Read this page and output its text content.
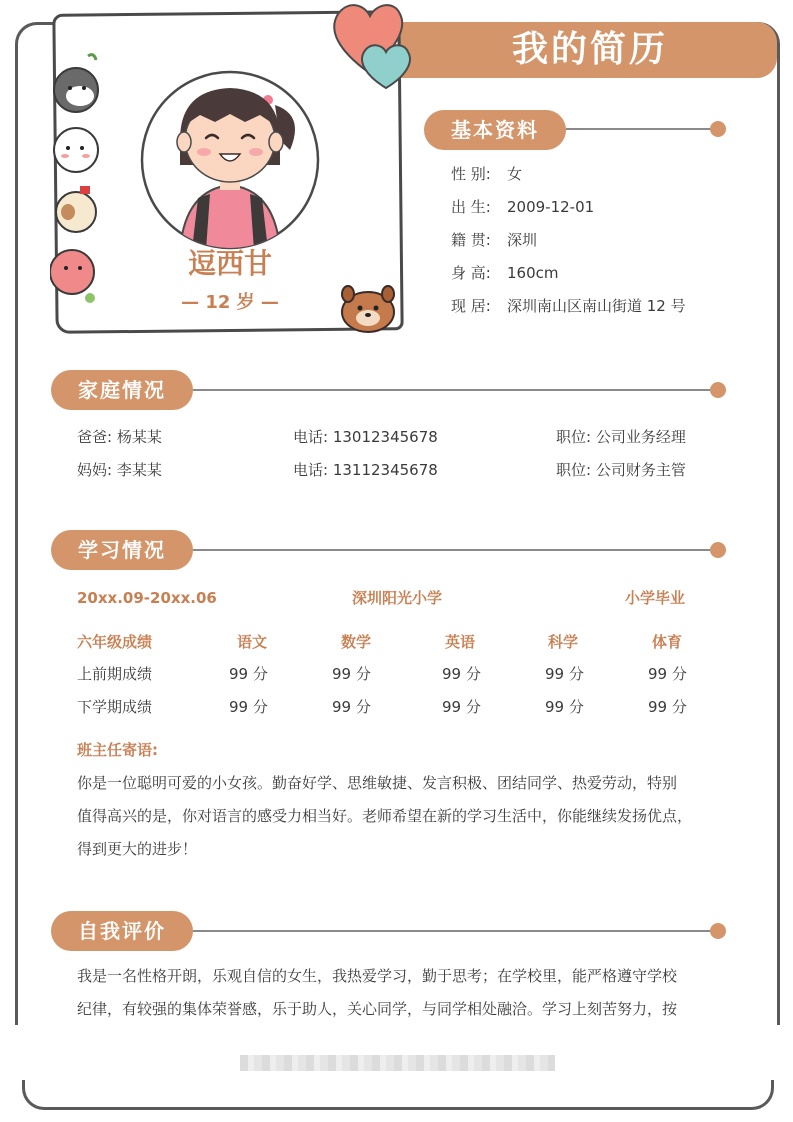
我的简历
逗西甘
— 12 岁 —
基本资料
性 别: 女
出 生: 2009-12-01
籍 贯: 深圳
身 高: 160cm
现 居: 深圳南山区南山街道 12 号
家庭情况
爸爸: 杨某某	电话: 13012345678	职位: 公司业务经理
妈妈: 李某某	电话: 13112345678	职位: 公司财务主管
学习情况
20xx.09-20xx.06	深圳阳光小学	小学毕业
六年级成绩	语文	数学	英语	科学	体育
上前期成绩	99 分	99 分	99 分	99 分	99 分
下学期成绩	99 分	99 分	99 分	99 分	99 分
班主任寄语:
你是一位聪明可爱的小女孩。勤奋好学、思维敏捷、发言积极、团结同学、热爱劳动，特别
值得高兴的是，你对语言的感受力相当好。老师希望在新的学习生活中，你能继续发扬优点，
得到更大的进步！
自我评价
我是一名性格开朗，乐观自信的女生，我热爱学习，勤于思考；在学校里，能严格遵守学校
纪律，有较强的集体荣誉感，乐于助人，关心同学，与同学相处融洽。学习上刻苦努力，按
